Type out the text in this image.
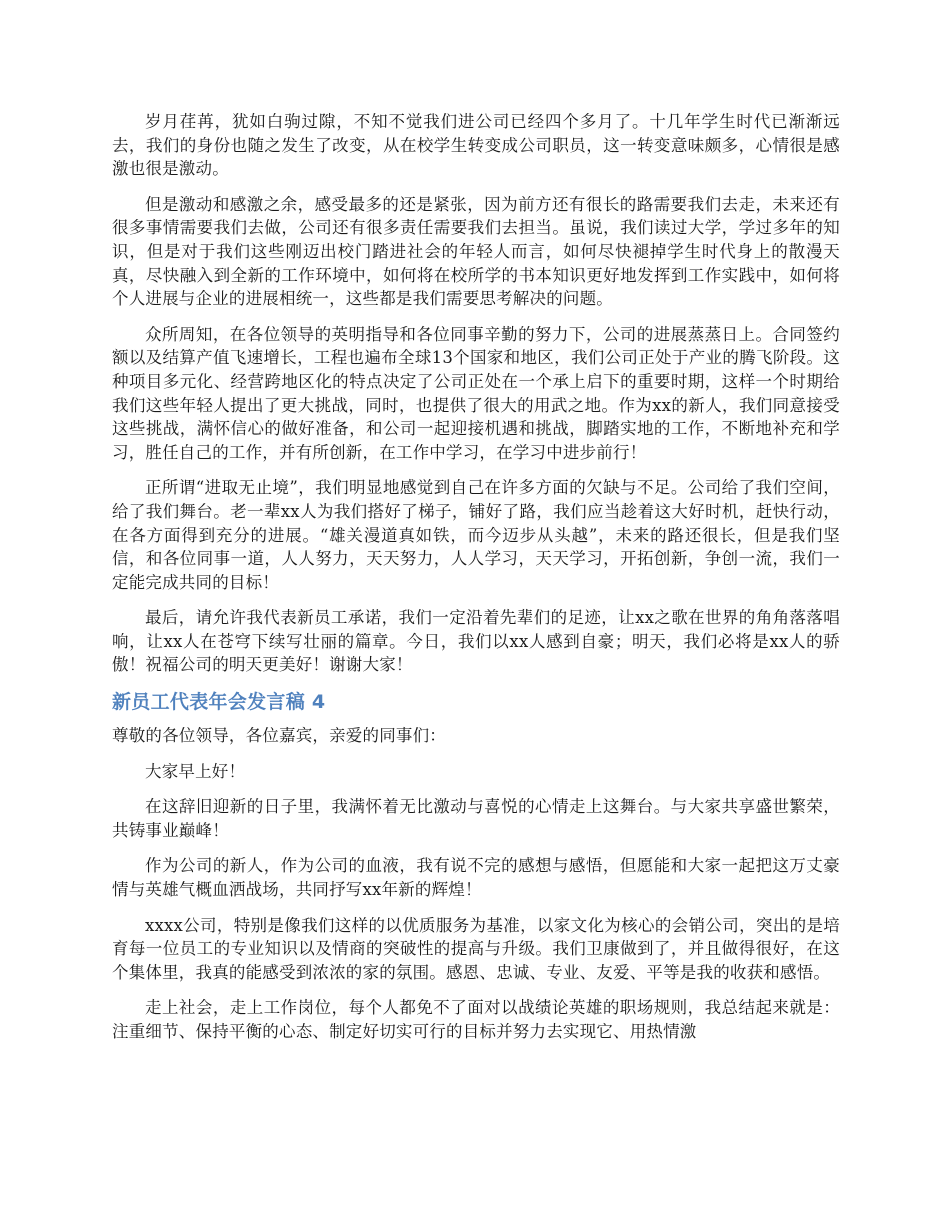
岁月荏苒，犹如白驹过隙，不知不觉我们进公司已经四个多月了。十几年学生时代已渐渐远去，我们的身份也随之发生了改变，从在校学生转变成公司职员，这一转变意味颇多，心情很是感激也很是激动。

但是激动和感激之余，感受最多的还是紧张，因为前方还有很长的路需要我们去走，未来还有很多事情需要我们去做，公司还有很多责任需要我们去担当。虽说，我们读过大学，学过多年的知识，但是对于我们这些刚迈出校门踏进社会的年轻人而言，如何尽快褪掉学生时代身上的散漫天真，尽快融入到全新的工作环境中，如何将在校所学的书本知识更好地发挥到工作实践中，如何将个人进展与企业的进展相统一，这些都是我们需要思考解决的问题。

众所周知，在各位领导的英明指导和各位同事辛勤的努力下，公司的进展蒸蒸日上。合同签约额以及结算产值飞速增长，工程也遍布全球13个国家和地区，我们公司正处于产业的腾飞阶段。这种项目多元化、经营跨地区化的特点决定了公司正处在一个承上启下的重要时期，这样一个时期给我们这些年轻人提出了更大挑战，同时，也提供了很大的用武之地。作为xx的新人，我们同意接受这些挑战，满怀信心的做好准备，和公司一起迎接机遇和挑战，脚踏实地的工作，不断地补充和学习，胜任自己的工作，并有所创新，在工作中学习，在学习中进步前行！

正所谓“进取无止境”，我们明显地感觉到自己在许多方面的欠缺与不足。公司给了我们空间，给了我们舞台。老一辈xx人为我们搭好了梯子，铺好了路，我们应当趁着这大好时机，赶快行动，在各方面得到充分的进展。“雄关漫道真如铁，而今迈步从头越”，未来的路还很长，但是我们坚信，和各位同事一道，人人努力，天天努力，人人学习，天天学习，开拓创新，争创一流，我们一定能完成共同的目标！

最后，请允许我代表新员工承诺，我们一定沿着先辈们的足迹，让xx之歌在世界的角角落落唱响，让xx人在苍穹下续写壮丽的篇章。今日，我们以xx人感到自豪；明天，我们必将是xx人的骄傲！祝福公司的明天更美好！谢谢大家！

新员工代表年会发言稿 4

尊敬的各位领导，各位嘉宾，亲爱的同事们：

大家早上好！

在这辞旧迎新的日子里，我满怀着无比激动与喜悦的心情走上这舞台。与大家共享盛世繁荣，共铸事业巅峰！

作为公司的新人，作为公司的血液，我有说不完的感想与感悟，但愿能和大家一起把这万丈豪情与英雄气概血洒战场，共同抒写xx年新的辉煌！

xxxx公司，特别是像我们这样的以优质服务为基准，以家文化为核心的会销公司，突出的是培育每一位员工的专业知识以及情商的突破性的提高与升级。我们卫康做到了，并且做得很好，在这个集体里，我真的能感受到浓浓的家的氛围。感恩、忠诚、专业、友爱、平等是我的收获和感悟。

走上社会，走上工作岗位，每个人都免不了面对以战绩论英雄的职场规则，我总结起来就是：注重细节、保持平衡的心态、制定好切实可行的目标并努力去实现它、用热情激
